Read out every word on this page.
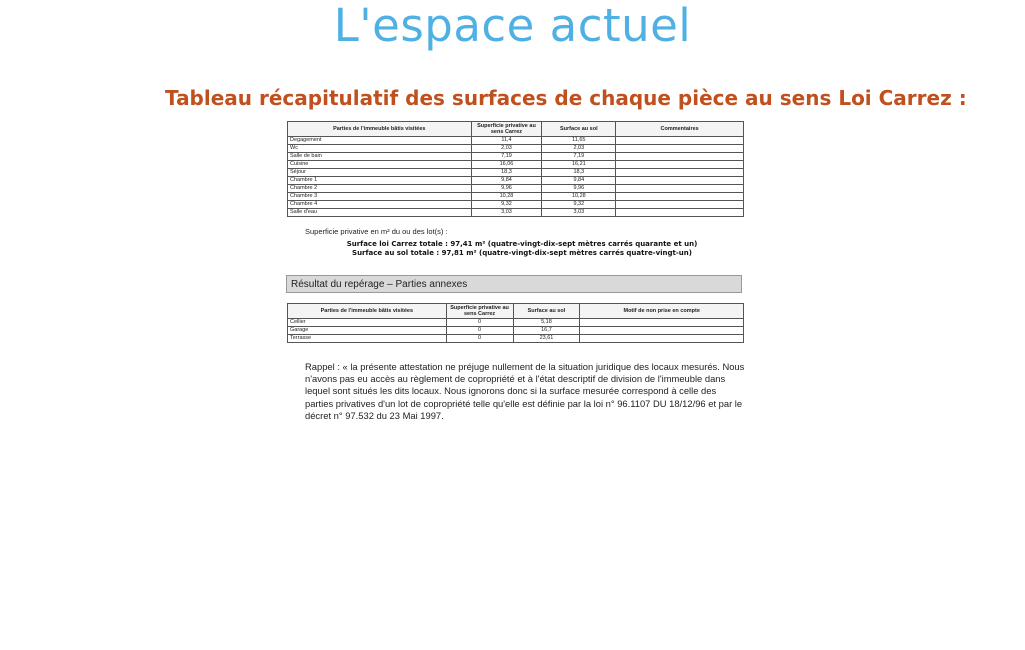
L'espace actuel
Tableau récapitulatif des surfaces de chaque pièce au sens Loi Carrez :
Parties de l'immeuble bâtis visitées	Superficie privative au sens Carrez	Surface au sol	Commentaires
Degagement	11,4	11,65	
Wc	2,03	2,03	
Salle de bain	7,19	7,19	
Cuisine	16,06	16,21	
Séjour	18,3	18,3	
Chambre 1	9,84	9,84	
Chambre 2	9,96	9,96	
Chambre 3	10,28	10,28	
Chambre 4	9,32	9,32	
Salle d'eau	3,03	3,03	
Superficie privative en m² du ou des lot(s) :
Surface loi Carrez totale : 97,41 m² (quatre-vingt-dix-sept mètres carrés quarante et un)
Surface au sol totale : 97,81 m² (quatre-vingt-dix-sept mètres carrés quatre-vingt-un)
Résultat du repérage – Parties annexes
Parties de l'immeuble bâtis visitées	Superficie privative au sens Carrez	Surface au sol	Motif de non prise en compte
Cellier	0	5,18	
Garage	0	16,7	
Terrasse	0	23,61	

Rappel : « la présente attestation ne préjuge nullement de la situation juridique des locaux mesurés. Nous n'avons pas eu accès au règlement de copropriété et à l'état descriptif de division de l'immeuble dans lequel sont situés les dits locaux. Nous ignorons donc si la surface mesurée correspond à celle des parties privatives d'un lot de copropriété telle qu'elle est définie par la loi n° 96.1107 DU 18/12/96 et par le décret n° 97.532 du 23 Mai 1997.
